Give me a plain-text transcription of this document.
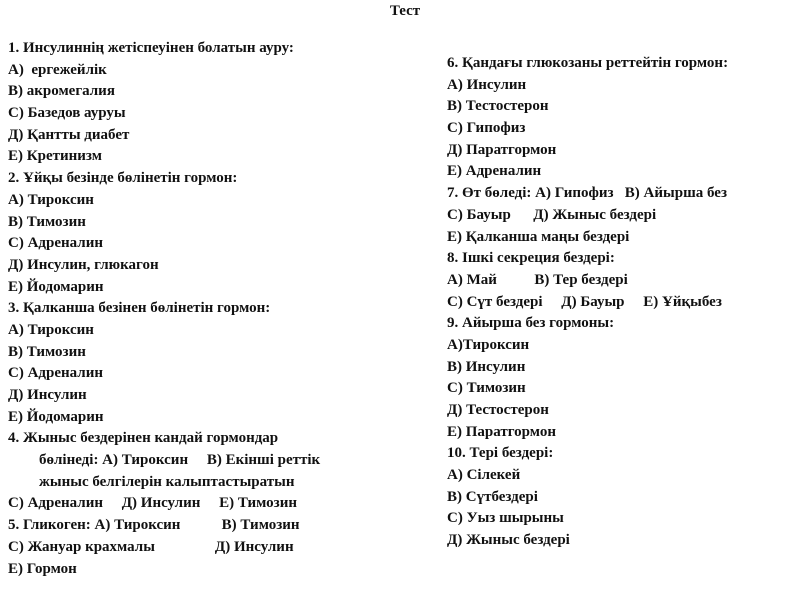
Тест
1. Инсулиннің жетіспеуінен болатын ауру:
А)  ергежейлік
В) акромегалия
С) Базедов ауруы
Д) Қантты диабет
Е) Кретинизм
2. Ұйқы безінде бөлінетін гормон:
А) Тироксин
В) Тимозин
С) Адреналин
Д) Инсулин, глюкагон
Е) Йодомарин
3. Қалканша безінен бөлінетін гормон:
А) Тироксин
В) Тимозин
С) Адреналин
Д) Инсулин
Е) Йодомарин
4. Жыныс бездерінен кандай гормондар
бөлінеді: А) Тироксин     В) Екінші реттік
жыныс белгілерін калыптастыратын
С) Адреналин     Д) Инсулин     Е) Тимозин
5. Гликоген: А) Тироксин           В) Тимозин
С) Жануар крахмалы                Д) Инсулин
Е) Гормон
6. Қандағы глюкозаны реттейтін гормон:
А) Инсулин
В) Тестостерон
С) Гипофиз
Д) Паратгормон
Е) Адреналин
7. Өт бөледі: А) Гипофиз   В) Айырша без
С) Бауыр      Д) Жыныс бездері
Е) Қалканша маңы бездері
8. Ішкі секреция бездері:
А) Май          В) Тер бездері
С) Сүт бездері     Д) Бауыр     Е) Ұйқыбез
9. Айырша без гормоны:
А)Тироксин
В) Инсулин
С) Тимозин
Д) Тестостерон
Е) Паратгормон
10. Тері бездері:
А) Сілекей
В) Сүтбездері
С) Уыз шырыны
Д) Жыныс бездері
